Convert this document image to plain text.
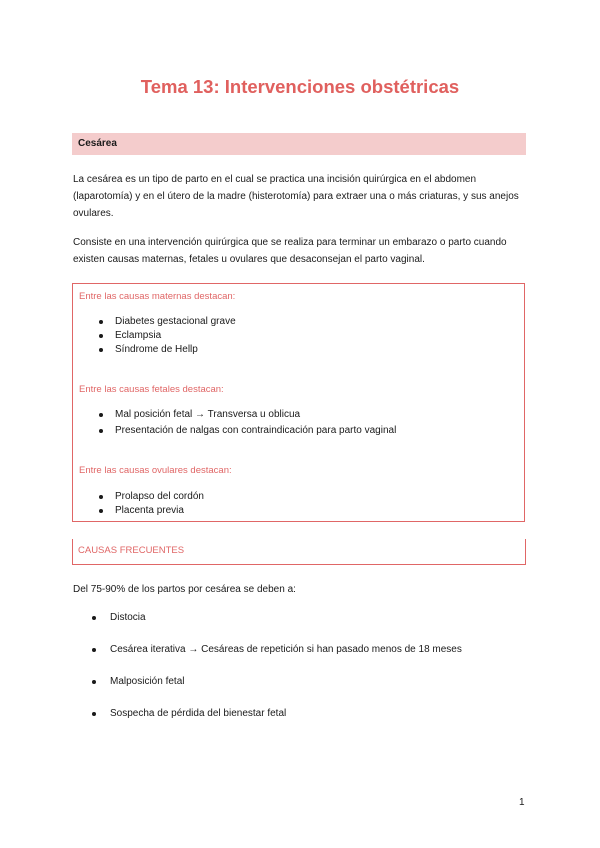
Tema 13: Intervenciones obstétricas
Cesárea
La cesárea es un tipo de parto en el cual se practica una incisión quirúrgica en el abdomen (laparotomía) y en el útero de la madre (histerotomía) para extraer una o más criaturas, y sus anejos ovulares.
Consiste en una intervención quirúrgica que se realiza para terminar un embarazo o parto cuando existen causas maternas, fetales u ovulares que desaconsejan el parto vaginal.
Entre las causas maternas destacan:
Diabetes gestacional grave
Eclampsia
Síndrome de Hellp
Entre las causas fetales destacan:
Mal posición fetal → Transversa u oblicua
Presentación de nalgas con contraindicación para parto vaginal
Entre las causas ovulares destacan:
Prolapso del cordón
Placenta previa
CAUSAS FRECUENTES
Del 75-90% de los partos por cesárea se deben a:
Distocia
Cesárea iterativa → Cesáreas de repetición si han pasado menos de 18 meses
Malposición fetal
Sospecha de pérdida del bienestar fetal
1
